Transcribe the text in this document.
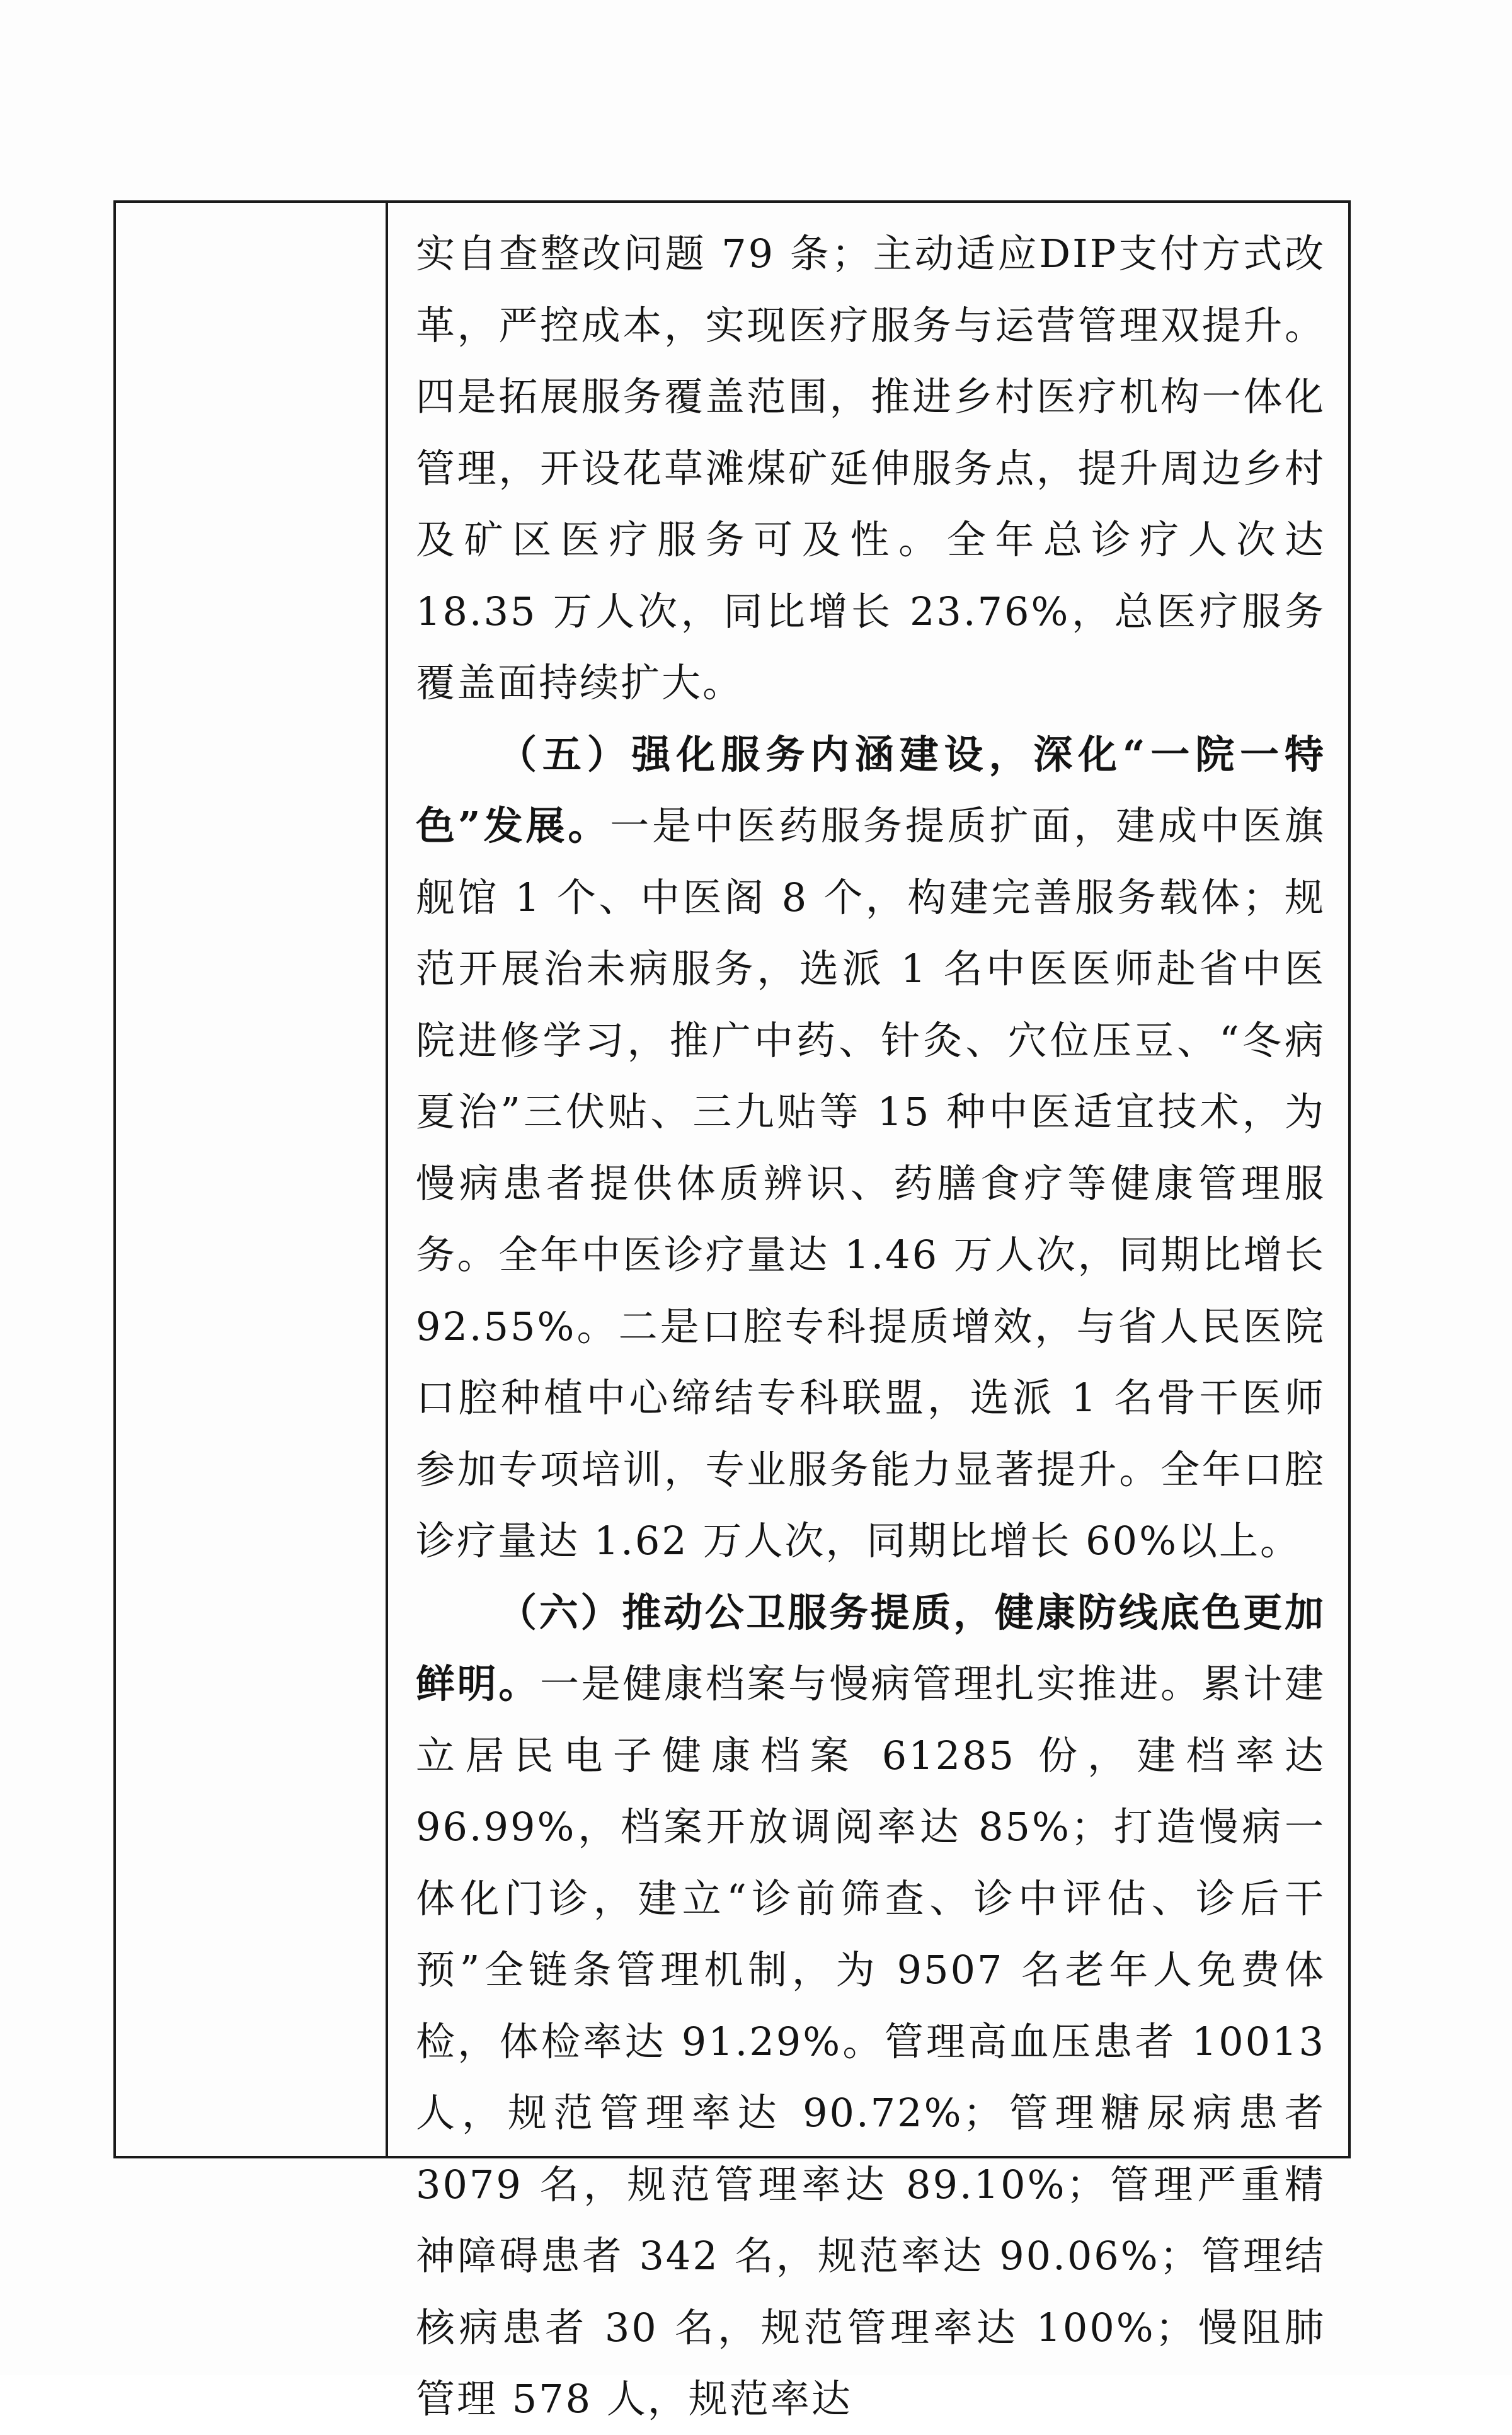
实自查整改问题 79 条；主动适应DIP支付方式改革，严控成本，实现医疗服务与运营管理双提升。四是拓展服务覆盖范围，推进乡村医疗机构一体化管理，开设花草滩煤矿延伸服务点，提升周边乡村及矿区医疗服务可及性。全年总诊疗人次达 18.35 万人次，同比增长 23.76%，总医疗服务覆盖面持续扩大。

（五）强化服务内涵建设，深化“一院一特色”发展。一是中医药服务提质扩面，建成中医旗舰馆 1 个、中医阁 8 个，构建完善服务载体；规范开展治未病服务，选派 1 名中医医师赴省中医院进修学习，推广中药、针灸、穴位压豆、“冬病夏治”三伏贴、三九贴等 15 种中医适宜技术，为慢病患者提供体质辨识、药膳食疗等健康管理服务。全年中医诊疗量达 1.46 万人次，同期比增长 92.55%。二是口腔专科提质增效，与省人民医院口腔种植中心缔结专科联盟，选派 1 名骨干医师参加专项培训，专业服务能力显著提升。全年口腔诊疗量达 1.62 万人次，同期比增长 60%以上。

（六）推动公卫服务提质，健康防线底色更加鲜明。一是健康档案与慢病管理扎实推进。累计建立居民电子健康档案 61285 份，建档率达 96.99%，档案开放调阅率达 85%；打造慢病一体化门诊，建立“诊前筛查、诊中评估、诊后干预”全链条管理机制，为 9507 名老年人免费体检，体检率达 91.29%。管理高血压患者 10013 人，规范管理率达 90.72%；管理糖尿病患者 3079 名，规范管理率达 89.10%；管理严重精神障碍患者 342 名，规范率达 90.06%；管理结核病患者 30 名，规范管理率达 100%；慢阻肺管理 578 人，规范率达
